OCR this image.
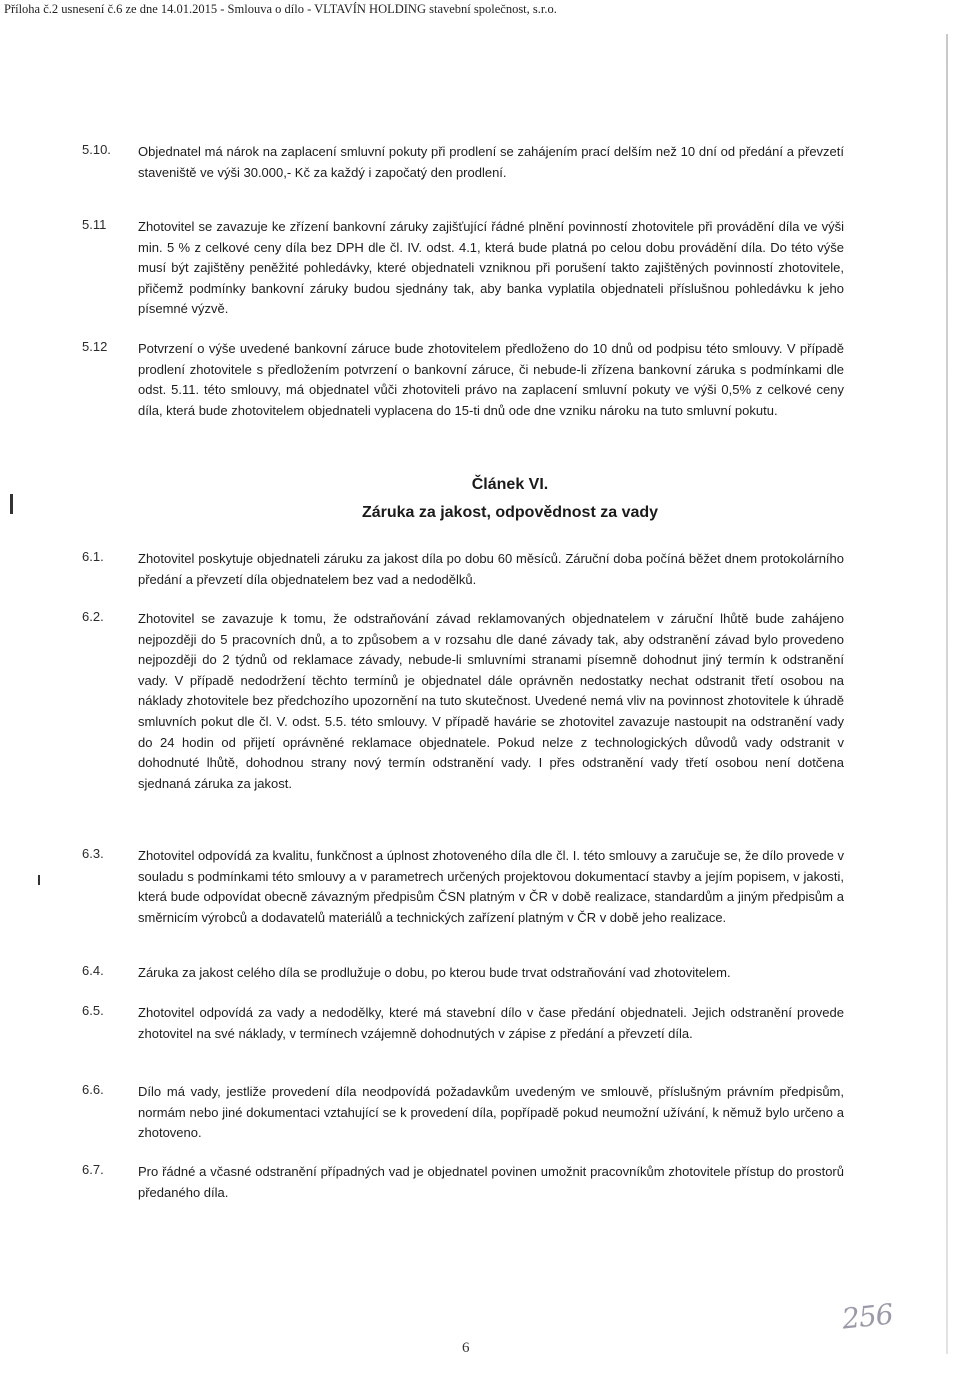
Příloha č.2 usnesení č.6 ze dne 14.01.2015 - Smlouva o dílo - VLTAVÍN HOLDING stavební společnost, s.r.o.
5.10. Objednatel má nárok na zaplacení smluvní pokuty při prodlení se zahájením prací delším než 10 dní od předání a převzetí staveniště ve výši 30.000,- Kč za každý i započatý den prodlení.
5.11 Zhotovitel se zavazuje ke zřízení bankovní záruky zajišťující řádné plnění povinností zhotovitele při provádění díla ve výši min. 5 % z celkové ceny díla bez DPH dle čl. IV. odst. 4.1, která bude platná po celou dobu provádění díla. Do této výše musí být zajištěny peněžité pohledávky, které objednateli vzniknou při porušení takto zajištěných povinností zhotovitele, přičemž podmínky bankovní záruky budou sjednány tak, aby banka vyplatila objednateli příslušnou pohledávku k jeho písemné výzvě.
5.12 Potvrzení o výše uvedené bankovní záruce bude zhotovitelem předloženo do 10 dnů od podpisu této smlouvy. V případě prodlení zhotovitele s předložením potvrzení o bankovní záruce, či nebude-li zřízena bankovní záruka s podmínkami dle odst. 5.11. této smlouvy, má objednatel vůči zhotoviteli právo na zaplacení smluvní pokuty ve výši 0,5% z celkové ceny díla, která bude zhotovitelem objednateli vyplacena do 15-ti dnů ode dne vzniku nároku na tuto smluvní pokutu.
Článek VI.
Záruka za jakost, odpovědnost za vady
6.1.	Zhotovitel poskytuje objednateli záruku za jakost díla po dobu 60 měsíců. Záruční doba počíná běžet dnem protokolárního předání a převzetí díla objednatelem bez vad a nedodělků.
6.2.	Zhotovitel se zavazuje k tomu, že odstraňování závad reklamovaných objednatelem v záruční lhůtě bude zahájeno nejpozději do 5 pracovních dnů, a to způsobem a v rozsahu dle dané závady tak, aby odstranění závad bylo provedeno nejpozději do 2 týdnů od reklamace závady, nebude-li smluvními stranami písemně dohodnut jiný termín k odstranění vady. V případě nedodržení těchto termínů je objednatel dále oprávněn nedostatky nechat odstranit třetí osobou na náklady zhotovitele bez předchozího upozornění na tuto skutečnost. Uvedené nemá vliv na povinnost zhotovitele k úhradě smluvních pokut dle čl. V. odst. 5.5. této smlouvy. V případě havárie se zhotovitel zavazuje nastoupit na odstranění vady do 24 hodin od přijetí oprávněné reklamace objednatele. Pokud nelze z technologických důvodů vady odstranit v dohodnuté lhůtě, dohodnou strany nový termín odstranění vady. I přes odstranění vady třetí osobou není dotčena sjednaná záruka za jakost.
6.3.	Zhotovitel odpovídá za kvalitu, funkčnost a úplnost zhotoveného díla dle čl. I. této smlouvy a zaručuje se, že dílo provede v souladu s podmínkami této smlouvy a v parametrech určených projektovou dokumentací stavby a jejím popisem, v jakosti, která bude odpovídat obecně závazným předpisům ČSN platným v ČR v době realizace, standardům a jiným předpisům a směrnicím výrobců a dodavatelů materiálů a technických zařízení platným v ČR v době jeho realizace.
6.4.	Záruka za jakost celého díla se prodlužuje o dobu, po kterou bude trvat odstraňování vad zhotovitelem.
6.5.	Zhotovitel odpovídá za vady a nedodělky, které má stavební dílo v čase předání objednateli. Jejich odstranění provede zhotovitel na své náklady, v termínech vzájemně dohodnutých v zápise z předání a převzetí díla.
6.6.	Dílo má vady, jestliže provedení díla neodpovídá požadavkům uvedeným ve smlouvě, příslušným právním předpisům, normám nebo jiné dokumentaci vztahující se k provedení díla, popřípadě pokud neumožní užívání, k němuž bylo určeno a zhotoveno.
6.7.	Pro řádné a včasné odstranění případných vad je objednatel povinen umožnit pracovníkům zhotovitele přístup do prostorů předaného díla.
6
256
